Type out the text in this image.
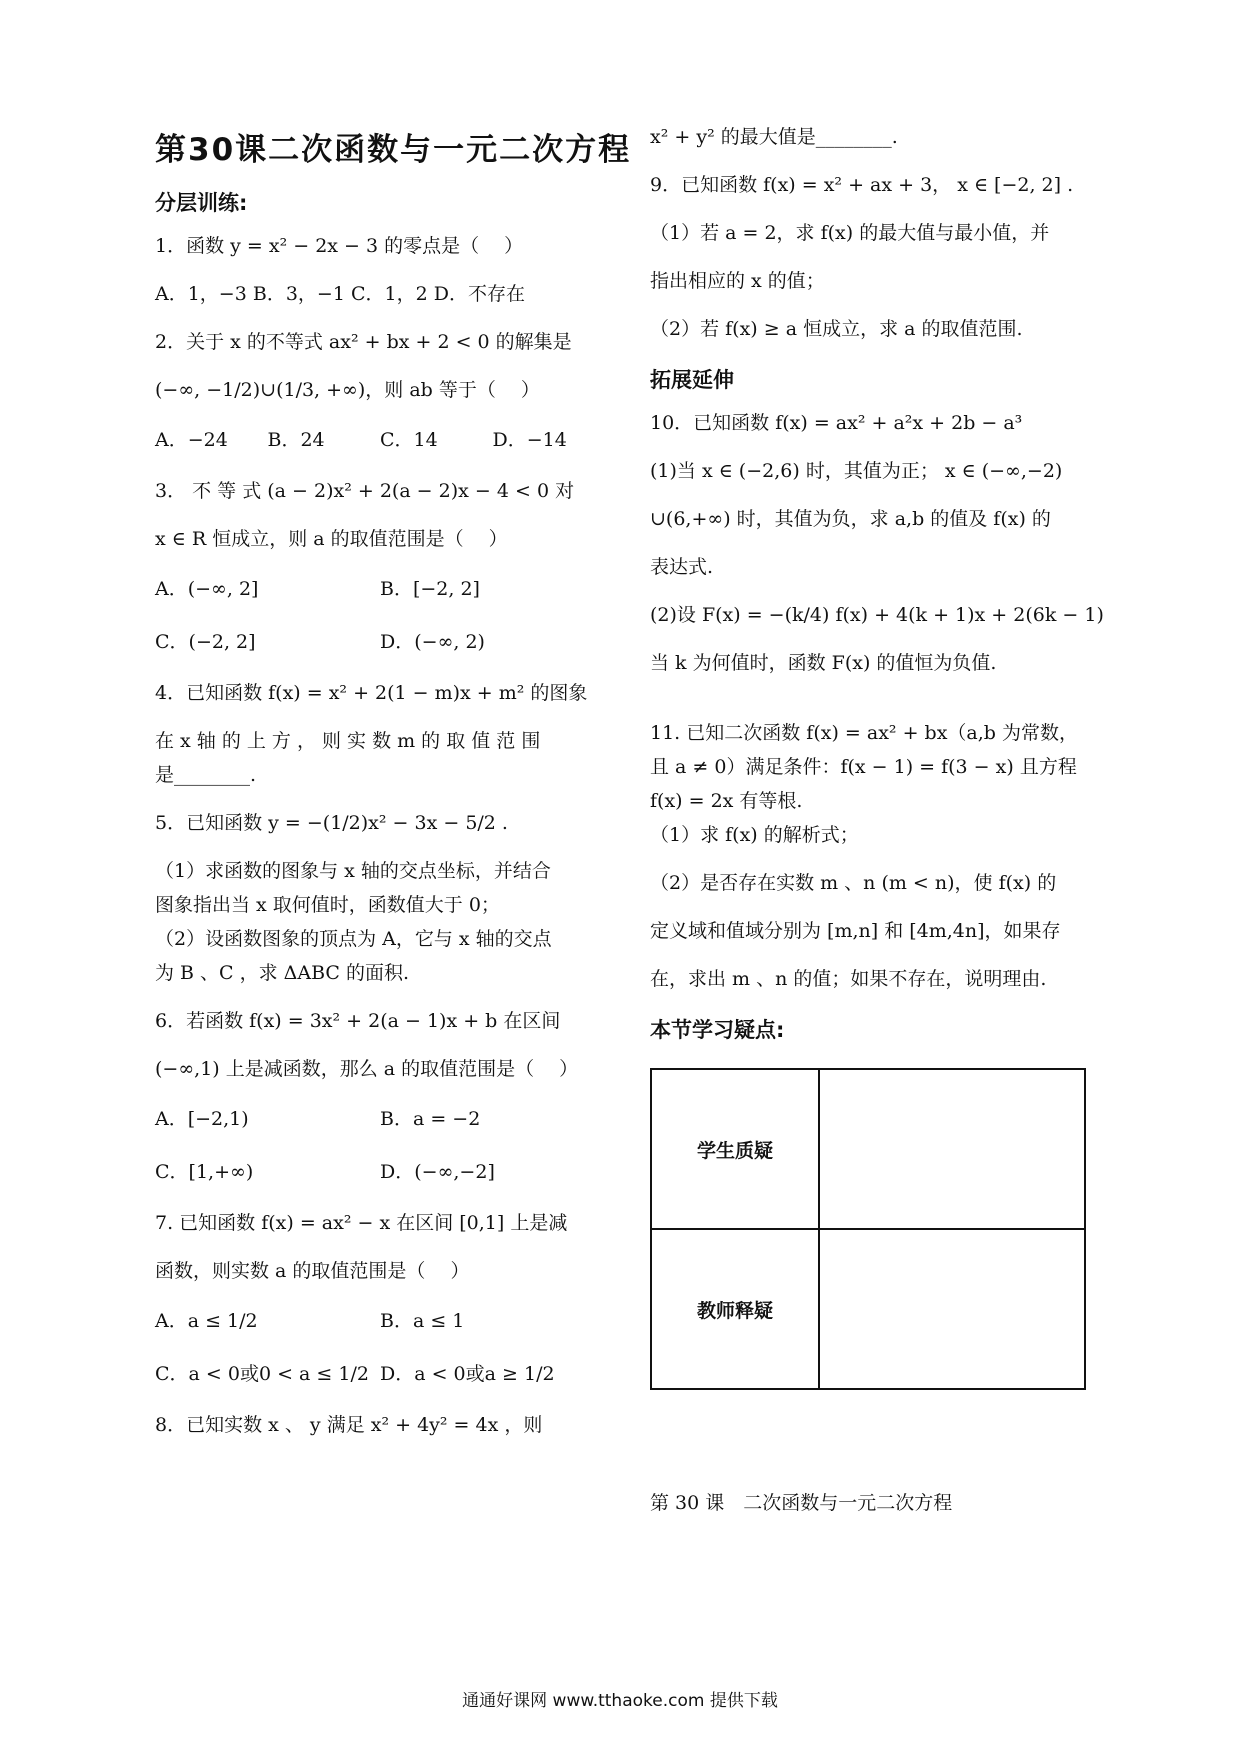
第30课二次函数与一元二次方程
分层训练:
1．函数 y = x² − 2x − 3 的零点是（　 ）
A．1，−3 B．3，−1 C．1，2 D．不存在
2．关于 x 的不等式 ax² + bx + 2 < 0 的解集是
(−∞, −1/2)∪(1/3, +∞)，则 ab 等于（　 ）
A．−24	B．24	C．14	D．−14
3． 不 等 式 (a − 2)x² + 2(a − 2)x − 4 < 0 对
x ∈ R 恒成立，则 a 的取值范围是（　 ）
A．(−∞, 2]	B．[−2, 2]
C．(−2, 2]	D．(−∞, 2)
4．已知函数 f(x) = x² + 2(1 − m)x + m² 的图象
在 x 轴 的 上 方 ， 则 实 数 m 的 取 值 范 围
是________.
5．已知函数 y = −(1/2)x² − 3x − 5/2 .
（1）求函数的图象与 x 轴的交点坐标，并结合
图象指出当 x 取何值时，函数值大于 0；
（2）设函数图象的顶点为 A，它与 x 轴的交点
为 B 、C ，求 ΔABC 的面积.
6．若函数 f(x) = 3x² + 2(a − 1)x + b 在区间
(−∞,1) 上是减函数，那么 a 的取值范围是（　 ）
A．[−2,1)	B．a = −2
C．[1,+∞)	D．(−∞,−2]
7. 已知函数 f(x) = ax² − x 在区间 [0,1] 上是减
函数，则实数 a 的取值范围是（　 ）
A．a ≤ 1/2	B．a ≤ 1
C．a < 0或0 < a ≤ 1/2 D．a < 0或a ≥ 1/2
8．已知实数 x 、 y 满足 x² + 4y² = 4x ，则
x² + y² 的最大值是________.
9．已知函数 f(x) = x² + ax + 3， x ∈ [−2, 2] .
（1）若 a = 2，求 f(x) 的最大值与最小值，并
指出相应的 x 的值；
（2）若 f(x) ≥ a 恒成立，求 a 的取值范围.
拓展延伸
10．已知函数 f(x) = ax² + a²x + 2b − a³
(1)当 x ∈ (−2,6) 时，其值为正； x ∈ (−∞,−2)
∪(6,+∞) 时，其值为负，求 a,b 的值及 f(x) 的
表达式.
(2)设 F(x) = −(k/4) f(x) + 4(k + 1)x + 2(6k − 1)
当 k 为何值时，函数 F(x) 的值恒为负值.
11. 已知二次函数 f(x) = ax² + bx（a,b 为常数，
且 a ≠ 0）满足条件：f(x − 1) = f(3 − x) 且方程
f(x) = 2x 有等根.
（1）求 f(x) 的解析式；
（2）是否存在实数 m 、n (m < n)，使 f(x) 的
定义域和值域分别为 [m,n] 和 [4m,4n]，如果存
在，求出 m 、n 的值；如果不存在，说明理由.
本节学习疑点:
学生质疑	
教师释疑	
第 30 课　二次函数与一元二次方程
通通好课网 www.tthaoke.com 提供下载
